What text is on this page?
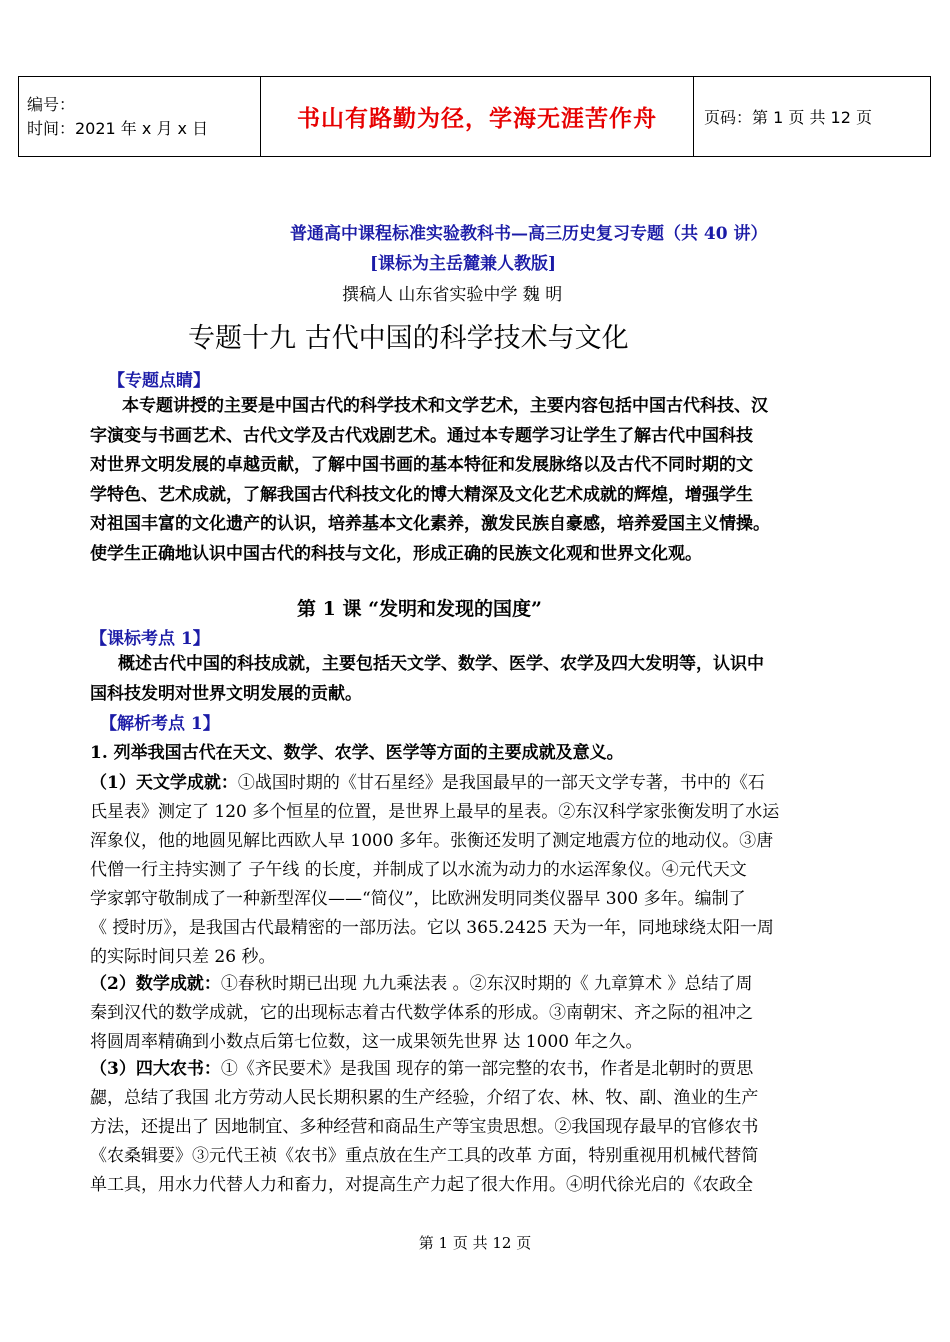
编号：
时间：2021 年 x 月 x 日	书山有路勤为径，学海无涯苦作舟	页码：第 1 页 共 12 页
普通高中课程标准实验教科书—高三历史复习专题（共 40 讲）
[课标为主岳麓兼人教版]
撰稿人 山东省实验中学 魏 明
专题十九 古代中国的科学技术与文化
【专题点睛】
本专题讲授的主要是中国古代的科学技术和文学艺术，主要内容包括中国古代科技、汉
字演变与书画艺术、古代文学及古代戏剧艺术。通过本专题学习让学生了解古代中国科技
对世界文明发展的卓越贡献，了解中国书画的基本特征和发展脉络以及古代不同时期的文
学特色、艺术成就，了解我国古代科技文化的博大精深及文化艺术成就的辉煌，增强学生
对祖国丰富的文化遗产的认识，培养基本文化素养，激发民族自豪感，培养爱国主义情操。
使学生正确地认识中国古代的科技与文化，形成正确的民族文化观和世界文化观。
第 1 课 “发明和发现的国度”
【课标考点 1】
概述古代中国的科技成就，主要包括天文学、数学、医学、农学及四大发明等，认识中
国科技发明对世界文明发展的贡献。
【解析考点 1】
1. 列举我国古代在天文、数学、农学、医学等方面的主要成就及意义。
（1）天文学成就：①战国时期的《甘石星经》是我国最早的一部天文学专著，书中的《石
氏星表》测定了 120 多个恒星的位置，是世界上最早的星表。②东汉科学家张衡发明了水运
浑象仪，他的地圆见解比西欧人早 1000 多年。张衡还发明了测定地震方位的地动仪。③唐
代僧一行主持实测了 子午线 的长度，并制成了以水流为动力的水运浑象仪。④元代天文
学家郭守敬制成了一种新型浑仪——“简仪”，比欧洲发明同类仪器早 300 多年。编制了
《 授时历》，是我国古代最精密的一部历法。它以 365.2425 天为一年，同地球绕太阳一周
的实际时间只差 26 秒。
（2）数学成就：①春秋时期已出现 九九乘法表 。②东汉时期的《 九章算术 》总结了周
秦到汉代的数学成就，它的出现标志着古代数学体系的形成。③南朝宋、齐之际的祖冲之
将圆周率精确到小数点后第七位数，这一成果领先世界 达 1000 年之久。
（3）四大农书：①《齐民要术》是我国 现存的第一部完整的农书，作者是北朝时的贾思
勰，总结了我国 北方劳动人民长期积累的生产经验，介绍了农、林、牧、副、渔业的生产
方法，还提出了 因地制宜、多种经营和商品生产等宝贵思想。②我国现存最早的官修农书
《农桑辑要》③元代王祯《农书》重点放在生产工具的改革 方面，特别重视用机械代替简
单工具，用水力代替人力和畜力，对提高生产力起了很大作用。④明代徐光启的《农政全
第 1 页 共 12 页
